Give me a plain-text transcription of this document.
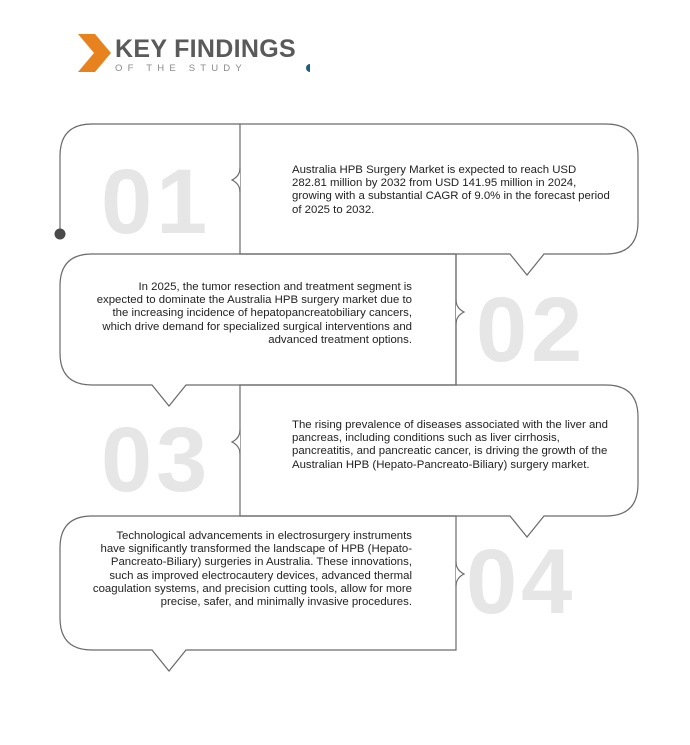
KEY FINDINGS
OF THE STUDY
01
02
03
04
Australia HPB Surgery Market is expected to reach USD 282.81 million by 2032 from USD 141.95 million in 2024, growing with a substantial CAGR of 9.0% in the forecast period of 2025 to 2032.
In 2025, the tumor resection and treatment segment is expected to dominate the Australia HPB surgery market due to the increasing incidence of hepatopancreatobiliary cancers, which drive demand for specialized surgical interventions and advanced treatment options.
The rising prevalence of diseases associated with the liver and pancreas, including conditions such as liver cirrhosis, pancreatitis, and pancreatic cancer, is driving the growth of the Australian HPB (Hepato-Pancreato-Biliary) surgery market.
Technological advancements in electrosurgery instruments have significantly transformed the landscape of HPB (Hepato-Pancreato-Biliary) surgeries in Australia. These innovations, such as improved electrocautery devices, advanced thermal coagulation systems, and precision cutting tools, allow for more precise, safer, and minimally invasive procedures.
